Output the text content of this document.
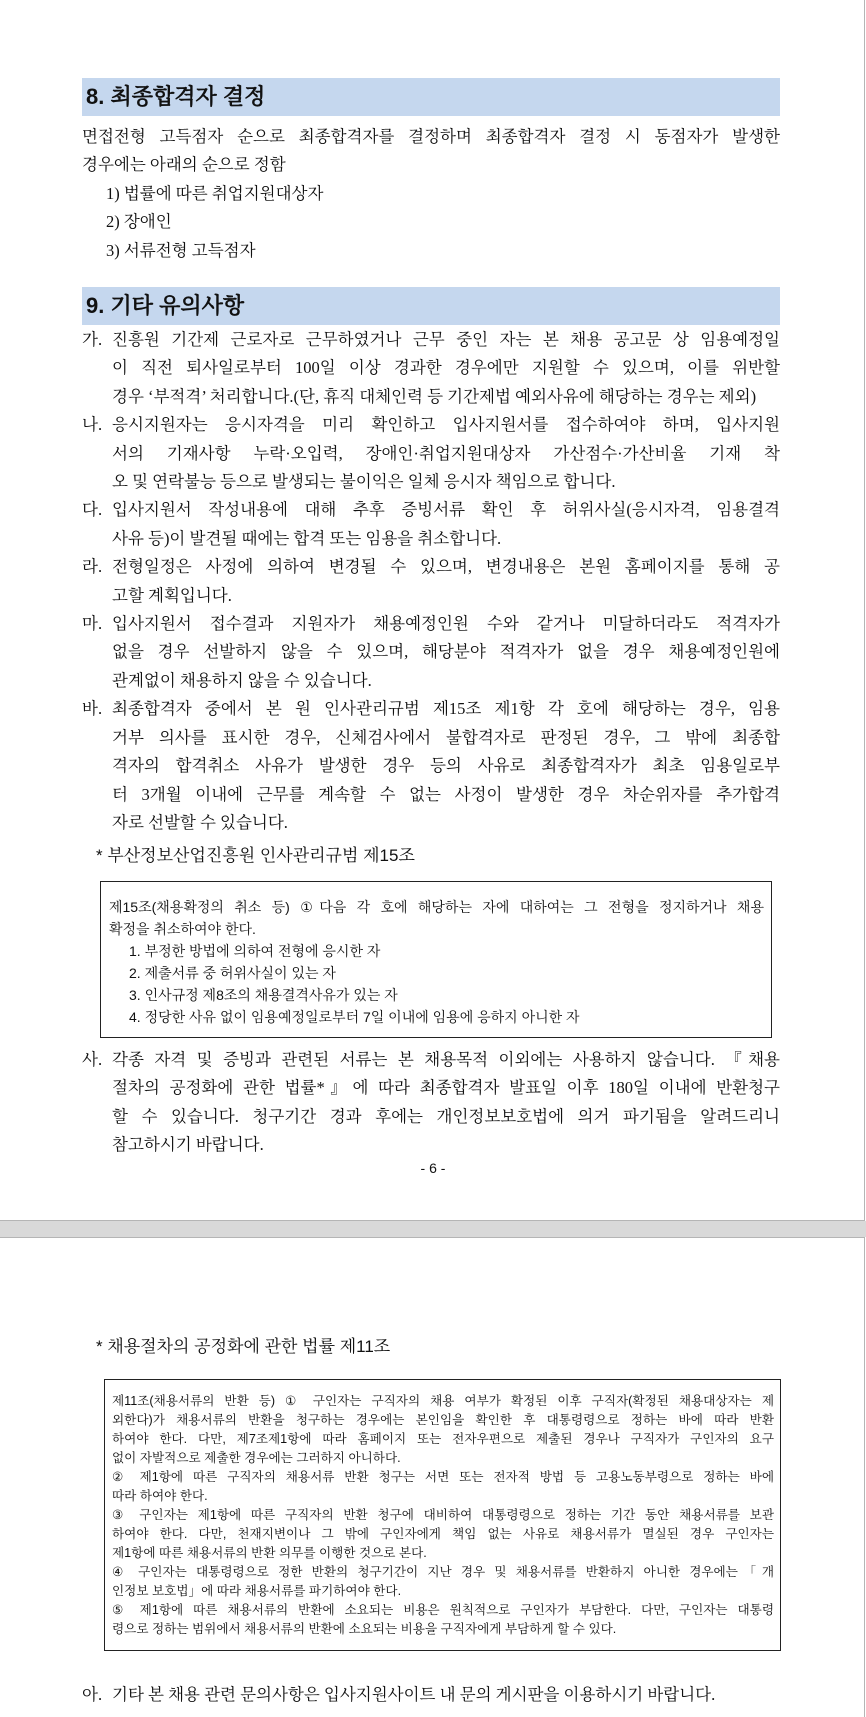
8. 최종합격자 결정
면접전형 고득점자 순으로 최종합격자를 결정하며 최종합격자 결정 시 동점자가 발생한
경우에는 아래의 순으로 정함
1) 법률에 따른 취업지원대상자
2) 장애인
3) 서류전형 고득점자
9. 기타 유의사항
가. 진흥원 기간제 근로자로 근무하였거나 근무 중인 자는 본 채용 공고문 상 임용예정일
이 직전 퇴사일로부터 100일 이상 경과한 경우에만 지원할 수 있으며, 이를 위반할
경우 ‘부적격’ 처리합니다.(단, 휴직 대체인력 등 기간제법 예외사유에 해당하는 경우는 제외)
나. 응시지원자는 응시자격을 미리 확인하고 입사지원서를 접수하여야 하며, 입사지원
서의 기재사항 누락·오입력, 장애인·취업지원대상자 가산점수·가산비율 기재 착
오 및 연락불능 등으로 발생되는 불이익은 일체 응시자 책임으로 합니다.
다. 입사지원서 작성내용에 대해 추후 증빙서류 확인 후 허위사실(응시자격, 임용결격
사유 등)이 발견될 때에는 합격 또는 임용을 취소합니다.
라. 전형일정은 사정에 의하여 변경될 수 있으며, 변경내용은 본원 홈페이지를 통해 공
고할 계획입니다.
마. 입사지원서 접수결과 지원자가 채용예정인원 수와 같거나 미달하더라도 적격자가
없을 경우 선발하지 않을 수 있으며, 해당분야 적격자가 없을 경우 채용예정인원에
관계없이 채용하지 않을 수 있습니다.
바. 최종합격자 중에서 본 원 인사관리규범 제15조 제1항 각 호에 해당하는 경우, 임용
거부 의사를 표시한 경우, 신체검사에서 불합격자로 판정된 경우, 그 밖에 최종합
격자의 합격취소 사유가 발생한 경우 등의 사유로 최종합격자가 최초 임용일로부
터 3개월 이내에 근무를 계속할 수 없는 사정이 발생한 경우 차순위자를 추가합격
자로 선발할 수 있습니다.
* 부산정보산업진흥원 인사관리규범 제15조
제15조(채용확정의 취소 등) ①다음 각 호에 해당하는 자에 대하여는 그 전형을 정지하거나 채용
확정을 취소하여야 한다.
1. 부정한 방법에 의하여 전형에 응시한 자
2. 제출서류 중 허위사실이 있는 자
3. 인사규정 제8조의 채용결격사유가 있는 자
4. 정당한 사유 없이 임용예정일로부터 7일 이내에 임용에 응하지 아니한 자
사. 각종 자격 및 증빙과 관련된 서류는 본 채용목적 이외에는 사용하지 않습니다. 『채용
절차의 공정화에 관한 법률*』에 따라 최종합격자 발표일 이후 180일 이내에 반환청구
할 수 있습니다. 청구기간 경과 후에는 개인정보보호법에 의거 파기됨을 알려드리니
참고하시기 바랍니다.
- 6 -
* 채용절차의 공정화에 관한 법률 제11조
제11조(채용서류의 반환 등) ① 구인자는 구직자의 채용 여부가 확정된 이후 구직자(확정된 채용대상자는 제
외한다)가 채용서류의 반환을 청구하는 경우에는 본인임을 확인한 후 대통령령으로 정하는 바에 따라 반환
하여야 한다. 다만, 제7조제1항에 따라 홈페이지 또는 전자우편으로 제출된 경우나 구직자가 구인자의 요구
없이 자발적으로 제출한 경우에는 그러하지 아니하다.
② 제1항에 따른 구직자의 채용서류 반환 청구는 서면 또는 전자적 방법 등 고용노동부령으로 정하는 바에
따라 하여야 한다.
③ 구인자는 제1항에 따른 구직자의 반환 청구에 대비하여 대통령령으로 정하는 기간 동안 채용서류를 보관
하여야 한다. 다만, 천재지변이나 그 밖에 구인자에게 책임 없는 사유로 채용서류가 멸실된 경우 구인자는
제1항에 따른 채용서류의 반환 의무를 이행한 것으로 본다.
④ 구인자는 대통령령으로 정한 반환의 청구기간이 지난 경우 및 채용서류를 반환하지 아니한 경우에는「개
인정보 보호법」에 따라 채용서류를 파기하여야 한다.
⑤ 제1항에 따른 채용서류의 반환에 소요되는 비용은 원칙적으로 구인자가 부담한다. 다만, 구인자는 대통령
령으로 정하는 범위에서 채용서류의 반환에 소요되는 비용을 구직자에게 부담하게 할 수 있다.
아. 기타 본 채용 관련 문의사항은 입사지원사이트 내 문의 게시판을 이용하시기 바랍니다.
